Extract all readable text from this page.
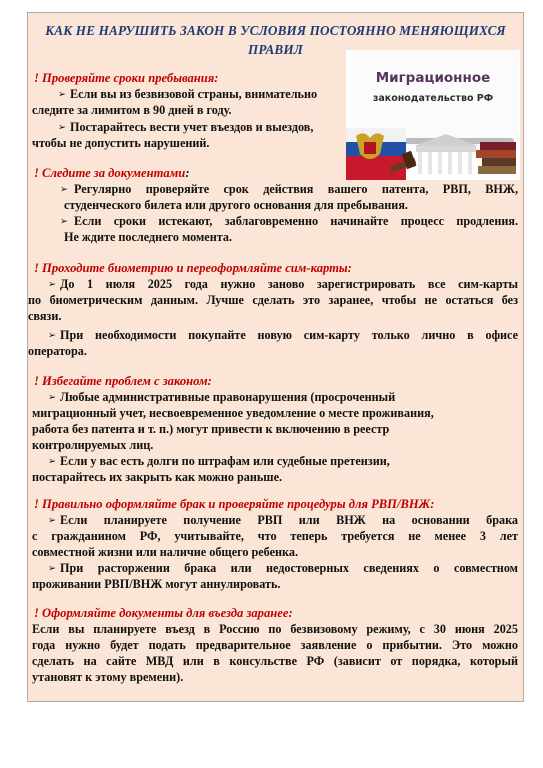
КАК НЕ НАРУШИТЬ ЗАКОН В УСЛОВИЯ ПОСТОЯННО МЕНЯЮЩИХСЯ ПРАВИЛ
! Проверяйте сроки пребывания:
➢ Если вы из безвизовой страны, внимательно
следите за лимитом в 90 дней в году.
➢ Постарайтесь вести учет въездов и выездов,
чтобы не допустить нарушений.
Миграционное
законодательство РФ
! Следите за документами:
➢ Регулярно проверяйте срок действия вашего патента, РВП, ВНЖ,
студенческого билета или другого основания для пребывания.
➢ Если сроки истекают, заблаговременно начинайте процесс продления.
Не ждите последнего момента.
! Проходите биометрию и переоформляйте сим-карты:
➢ До 1 июля 2025 года нужно заново зарегистрировать все сим-карты
по биометрическим данным. Лучше сделать это заранее, чтобы не остаться без
связи.
➢ При необходимости покупайте новую сим-карту только лично в офисе
оператора.
! Избегайте проблем с законом:
➢ Любые административные правонарушения (просроченный
миграционный учет, несвоевременное уведомление о месте проживания,
работа без патента и т. п.) могут привести к включению в реестр
контролируемых лиц.
➢ Если у вас есть долги по штрафам или судебные претензии,
постарайтесь их закрыть как можно раньше.
! Правильно оформляйте брак и проверяйте процедуры для РВП/ВНЖ:
➢ Если планируете получение РВП или ВНЖ на основании брака
с гражданином РФ, учитывайте, что теперь требуется не менее 3 лет
совместной жизни или наличие общего ребенка.
➢ При расторжении брака или недостоверных сведениях о совместном
проживании РВП/ВНЖ могут аннулировать.
! Оформляйте документы для въезда заранее:
Если вы планируете въезд в Россию по безвизовому режиму, с 30 июня 2025
года нужно будет подать предварительное заявление о прибытии. Это можно
сделать на сайте МВД или в консульстве РФ (зависит от порядка, который
утановят к этому времени).
